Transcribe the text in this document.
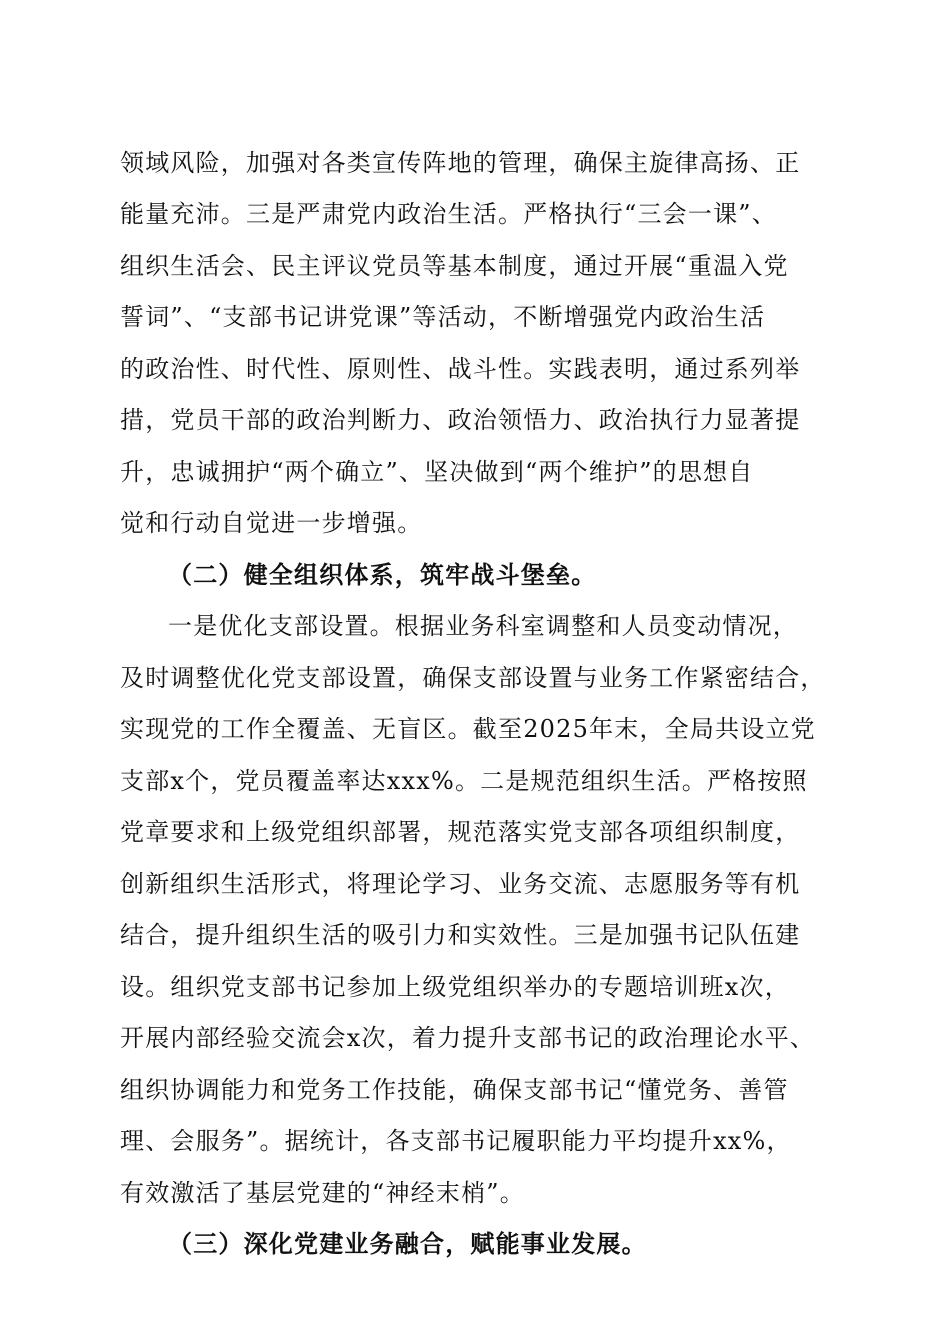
领域风险，加强对各类宣传阵地的管理，确保主旋律高扬、正
能量充沛。三是严肃党内政治生活。严格执行“三会一课”、
组织生活会、民主评议党员等基本制度，通过开展“重温入党
誓词”、“支部书记讲党课”等活动，不断增强党内政治生活
的政治性、时代性、原则性、战斗性。实践表明，通过系列举
措，党员干部的政治判断力、政治领悟力、政治执行力显著提
升，忠诚拥护“两个确立”、坚决做到“两个维护”的思想自
觉和行动自觉进一步增强。
（二）健全组织体系，筑牢战斗堡垒。
一是优化支部设置。根据业务科室调整和人员变动情况，
及时调整优化党支部设置，确保支部设置与业务工作紧密结合，
实现党的工作全覆盖、无盲区。截至2025年末，全局共设立党
支部x个，党员覆盖率达xxx%。二是规范组织生活。严格按照
党章要求和上级党组织部署，规范落实党支部各项组织制度，
创新组织生活形式，将理论学习、业务交流、志愿服务等有机
结合，提升组织生活的吸引力和实效性。三是加强书记队伍建
设。组织党支部书记参加上级党组织举办的专题培训班x次，
开展内部经验交流会x次，着力提升支部书记的政治理论水平、
组织协调能力和党务工作技能，确保支部书记“懂党务、善管
理、会服务”。据统计，各支部书记履职能力平均提升xx%，
有效激活了基层党建的“神经末梢”。
（三）深化党建业务融合，赋能事业发展。
